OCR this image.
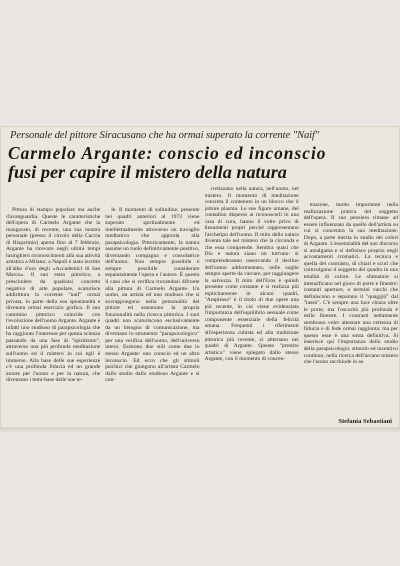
Personale del pittore Siracusano che ha ormai superato la corrente "Naif"
Carmelo Argante: conscio ed inconscio
fusi per capire il mistero della natura

Pittura di stampo popolare ma anche d'avanguardia. Queste le caratteristiche dell'opera di Carmelo Argante che la inaugurato, di recente, una sua mostra personale (presso il circolo della Caccia di Risparmio) aperta fino al 7 febbraio. Argante ha ricevuto negli ultimi tempi lusinghieri riconoscimenti alla sua attività artistica a Milano; a Napoli è stato iscritto all'albo d'oro degli «Accademici di San Marco». Il suo estro pittorico, a prescindere da qualsiasi concetto negativo di arte popolare, scaturisce addirittura la corrente "naif" ormai privata, in parte della sua spontaneità e divenuta ormai esercizio grafico. Il suo cammino pittorico coincide con l'evoluzione dell'uomo Argante. Argante è infatti uno studioso di parapsicologia che ha raggiunto l'interesse per questa scienza passando da una fase di "spiritismo", attraverso una più profonda meditazione sull'uomo ed il mistero in cui egli è immerso. Alla base delle sue esperienze c'è una profonda fiducia ed un grande amore per l'uomo e per la natura, che diventano i temi-base delle sue te-

le. Il momento di solitudine, presente nei quadri anteriori al 1973 viene superato spiritualmente ed intellettualmente attraverso un travaglio meditativo che approda alla parapsicologia. Pittoricamente, la natura assume un ruolo definitivamente positivo, diventando compagna e consolatrice dell'uomo. Non sempre possibile è sempre possibile considerare separatamente l'opera e l'autore. È questo il caso che si verifica trovandosi difronte alla pittura di Carmelo Argante. Un uomo, un artista ed uno studioso che si sovrappongono nella personalità del pittore ed assumono la propria funzionalità nella ricerca pittorica. I suoi quadri non scaturiscono esclusivamente da un bisogno di comunicazione, ma diventano lo strumento "parapsicologico" per una verifica dell'uomo, dell'universo intero. Esistono due stili come due lo stesso Argante: uno conscio ed un altro inconscio. Ed ecco che gli stimoli psichici che giungono all'artista Carmelo dallo studio dallo studioso Argante e si con-

cretizzano nella natura, nell'uomo, nel mistero. Il momento di meditazione concreta il contenuto in un blocco che il pittore plasma. Le sue figure umane, del contadino disperso ai riconoscerli in una casa di cura, hanno il volto privo di lineamenti propri perché rappresentano l'archetipo dell'uomo. Il mito della natura diventa tale nel mistero che la circonda e che essa comprende. Sembra quasi che Dio e natura siano un tutt'uno: si comprenderanno osservando il declino dell'uomo addormentato, nelle soglie sempre aperte da varcare, per raggiungere la salvezza. Il mito dell'Eros è quindi presente come costante e si realizza più esplicitamente in alcuni quadri, "Amplesso" è il titolo di due opere una più recente, in cui viene evidenziata l'importanza dell'equilibrio sessuale come componente essenziale della felicità umana. Frequenti i riferimenti all'esperienza cubista ed alla tradizione pittorica più recente, si alternano nei quadri di Argante. Questo "prestito artistico" viene spiegato dallo stesso Argante, con il momento di concen-

trazione, molto importante nella realizzazione pratica del soggetto dell'opera. Il suo pensiero rimane ad essere influenzato da quello dell'artista su cui si concentra la sua meditazione. Dopo, a parte merita lo studio dei colori di Argante. L'essenzialità del suo discorso si amalgama e si definisce proprio negli accostamenti cromatici. La tecnica e quella del contrasto, di chiari e scuri che coinvolgono il soggetto del quadro in una totalità di calore. Le sfumature si intensificano nel gioco di porte e finestre: costanti aperture, o termini varchi che definiscono e separano il "quaggiù" dal "lassù". C'è sempre una luce chiara oltre le porte, ma l'oscurità più profonda è nelle finestre. I contrasti nettamente sembrano voler attestare una certezza di fiducia e di fede ormai raggiunta; ma per questo esse è una sosta definitiva. Si inserisce qui l'importanza dello studio della parapsicologia: stimolo ed incentivo continuo, nella ricerca dell'arcano mistero che l'uomo racchiude in se.

Stefania Sebastiani
